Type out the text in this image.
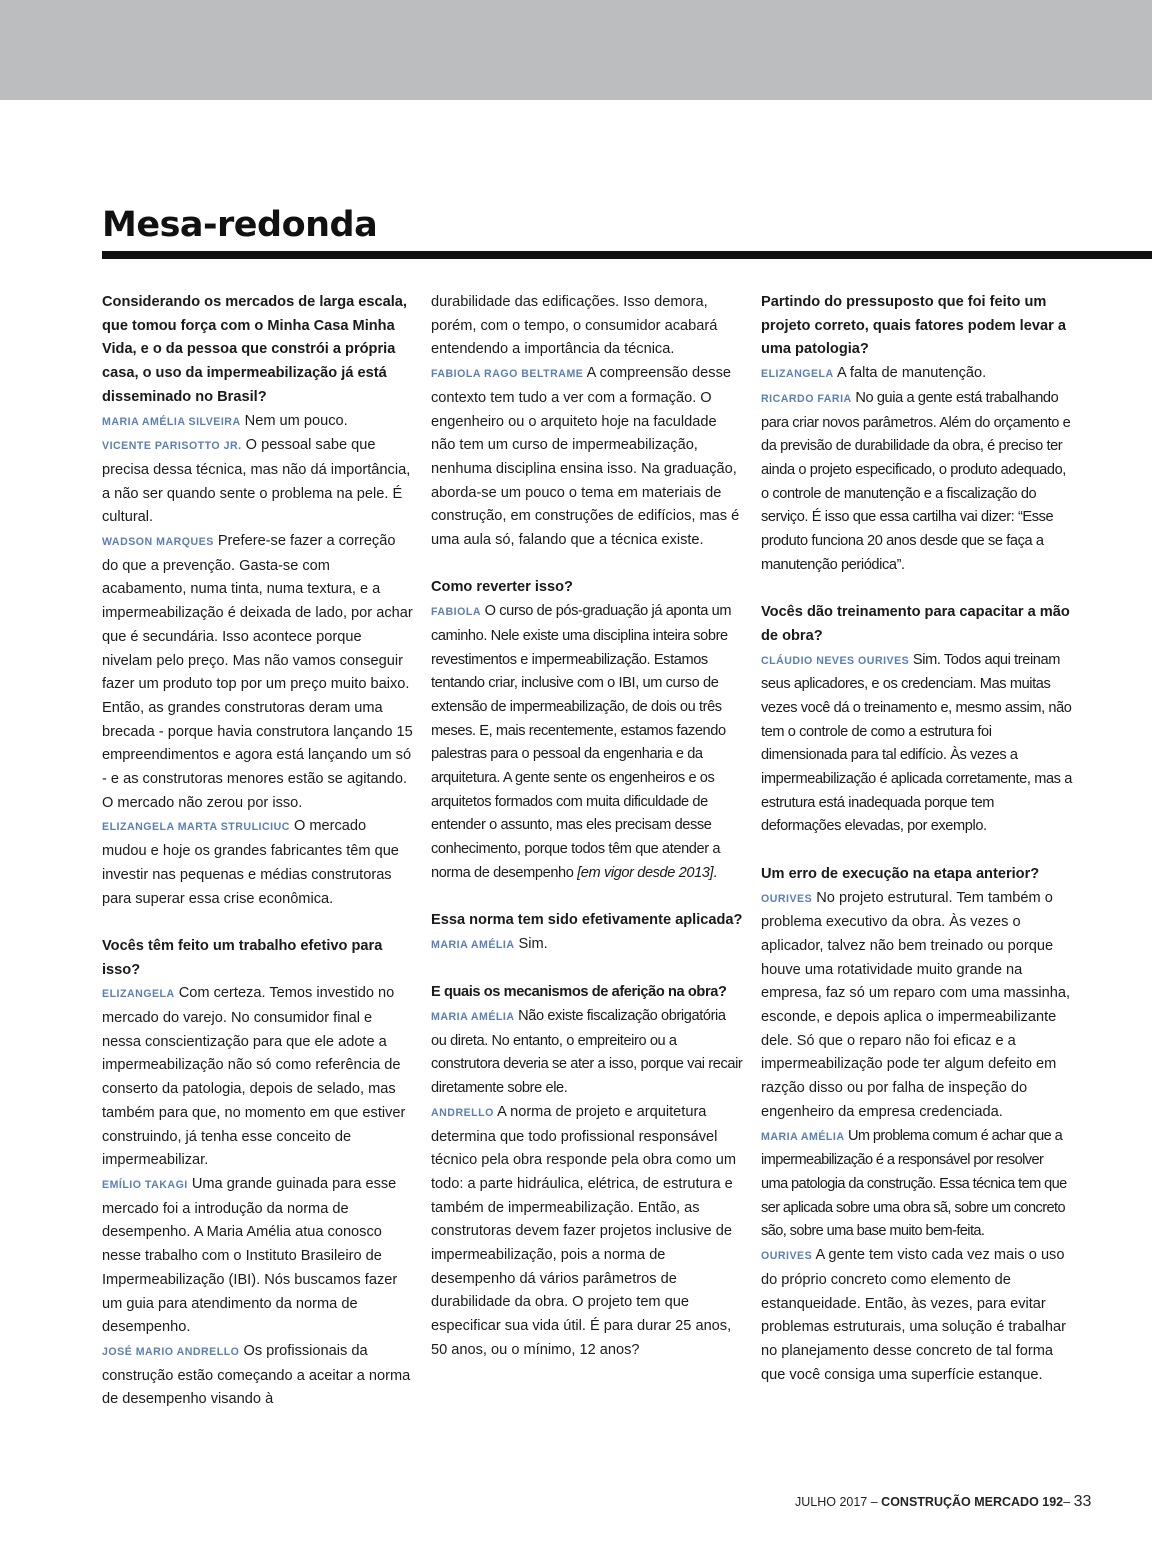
Mesa-redonda

Considerando os mercados de larga escala, que tomou força com o Minha Casa Minha Vida, e o da pessoa que constrói a própria casa, o uso da impermeabilização já está disseminado no Brasil?

MARIA AMÉLIA SILVEIRA Nem um pouco.

VICENTE PARISOTTO JR. O pessoal sabe que precisa dessa técnica, mas não dá importância, a não ser quando sente o problema na pele. É cultural.

WADSON MARQUES Prefere-se fazer a correção do que a prevenção. Gasta-se com acabamento, numa tinta, numa textura, e a impermeabilização é deixada de lado, por achar que é secundária. Isso acontece porque nivelam pelo preço. Mas não vamos conseguir fazer um produto top por um preço muito baixo. Então, as grandes construtoras deram uma brecada - porque havia construtora lançando 15 empreendimentos e agora está lançando um só - e as construtoras menores estão se agitando. O mercado não zerou por isso.

ELIZANGELA MARTA STRULICIUC O mercado mudou e hoje os grandes fabricantes têm que investir nas pequenas e médias construtoras para superar essa crise econômica.

Vocês têm feito um trabalho efetivo para isso?

ELIZANGELA Com certeza. Temos investido no mercado do varejo. No consumidor final e nessa conscientização para que ele adote a impermeabilização não só como referência de conserto da patologia, depois de selado, mas também para que, no momento em que estiver construindo, já tenha esse conceito de impermeabilizar.

EMÍLIO TAKAGI Uma grande guinada para esse mercado foi a introdução da norma de desempenho. A Maria Amélia atua conosco nesse trabalho com o Instituto Brasileiro de Impermeabilização (IBI). Nós buscamos fazer um guia para atendimento da norma de desempenho.

JOSÉ MARIO ANDRELLO Os profissionais da construção estão começando a aceitar a norma de desempenho visando à

durabilidade das edificações. Isso demora, porém, com o tempo, o consumidor acabará entendendo a importância da técnica.

FABIOLA RAGO BELTRAME A compreensão desse contexto tem tudo a ver com a formação. O engenheiro ou o arquiteto hoje na faculdade não tem um curso de impermeabilização, nenhuma disciplina ensina isso. Na graduação, aborda-se um pouco o tema em materiais de construção, em construções de edifícios, mas é uma aula só, falando que a técnica existe.

Como reverter isso?

FABIOLA O curso de pós-graduação já aponta um caminho. Nele existe uma disciplina inteira sobre revestimentos e impermeabilização. Estamos tentando criar, inclusive com o IBI, um curso de extensão de impermeabilização, de dois ou três meses. E, mais recentemente, estamos fazendo palestras para o pessoal da engenharia e da arquitetura. A gente sente os engenheiros e os arquitetos formados com muita dificuldade de entender o assunto, mas eles precisam desse conhecimento, porque todos têm que atender a norma de desempenho [em vigor desde 2013].

Essa norma tem sido efetivamente aplicada?

MARIA AMÉLIA Sim.

E quais os mecanismos de aferição na obra?

MARIA AMÉLIA Não existe fiscalização obrigatória ou direta. No entanto, o empreiteiro ou a construtora deveria se ater a isso, porque vai recair diretamente sobre ele.

ANDRELLO A norma de projeto e arquitetura determina que todo profissional responsável técnico pela obra responde pela obra como um todo: a parte hidráulica, elétrica, de estrutura e também de impermeabilização. Então, as construtoras devem fazer projetos inclusive de impermeabilização, pois a norma de desempenho dá vários parâmetros de durabilidade da obra. O projeto tem que especificar sua vida útil. É para durar 25 anos, 50 anos, ou o mínimo, 12 anos?

Partindo do pressuposto que foi feito um projeto correto, quais fatores podem levar a uma patologia?

ELIZANGELA A falta de manutenção.

RICARDO FARIA No guia a gente está trabalhando para criar novos parâmetros. Além do orçamento e da previsão de durabilidade da obra, é preciso ter ainda o projeto especificado, o produto adequado, o controle de manutenção e a fiscalização do serviço. É isso que essa cartilha vai dizer: “Esse produto funciona 20 anos desde que se faça a manutenção periódica”.

Vocês dão treinamento para capacitar a mão de obra?

CLÁUDIO NEVES OURIVES Sim. Todos aqui treinam seus aplicadores, e os credenciam. Mas muitas vezes você dá o treinamento e, mesmo assim, não tem o controle de como a estrutura foi dimensionada para tal edifício. Às vezes a impermeabilização é aplicada corretamente, mas a estrutura está inadequada porque tem deformações elevadas, por exemplo.

Um erro de execução na etapa anterior?

OURIVES No projeto estrutural. Tem também o problema executivo da obra. Às vezes o aplicador, talvez não bem treinado ou porque houve uma rotatividade muito grande na empresa, faz só um reparo com uma massinha, esconde, e depois aplica o impermeabilizante dele. Só que o reparo não foi eficaz e a impermeabilização pode ter algum defeito em razção disso ou por falha de inspeção do engenheiro da empresa credenciada.

MARIA AMÉLIA Um problema comum é achar que a impermeabilização é a responsável por resolver uma patologia da construção. Essa técnica tem que ser aplicada sobre uma obra sã, sobre um concreto são, sobre uma base muito bem-feita.

OURIVES A gente tem visto cada vez mais o uso do próprio concreto como elemento de estanqueidade. Então, às vezes, para evitar problemas estruturais, uma solução é trabalhar no planejamento desse concreto de tal forma que você consiga uma superfície estanque.

JULHO 2017 – CONSTRUÇÃO MERCADO 192– 33
